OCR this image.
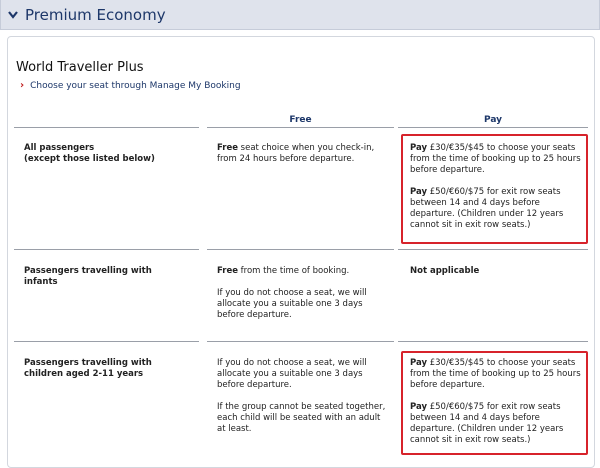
Premium Economy
World Traveller Plus
› Choose your seat through Manage My Booking
Free	Pay
All passengers
(except those listed below)
Free seat choice when you check-in, from 24 hours before departure.

Pay £30/€35/$45 to choose your seats from the time of booking up to 25 hours before departure.

Pay £50/€60/$75 for exit row seats between 14 and 4 days before departure. (Children under 12 years cannot sit in exit row seats.)

Passengers travelling with infants

Free from the time of booking.

If you do not choose a seat, we will allocate you a suitable one 3 days before departure.

Not applicable
Passengers travelling with children aged 2-11 years

If you do not choose a seat, we will allocate you a suitable one 3 days before departure.

If the group cannot be seated together, each child will be seated with an adult at least.

Pay £30/€35/$45 to choose your seats from the time of booking up to 25 hours before departure.

Pay £50/€60/$75 for exit row seats between 14 and 4 days before departure. (Children under 12 years cannot sit in exit row seats.)
